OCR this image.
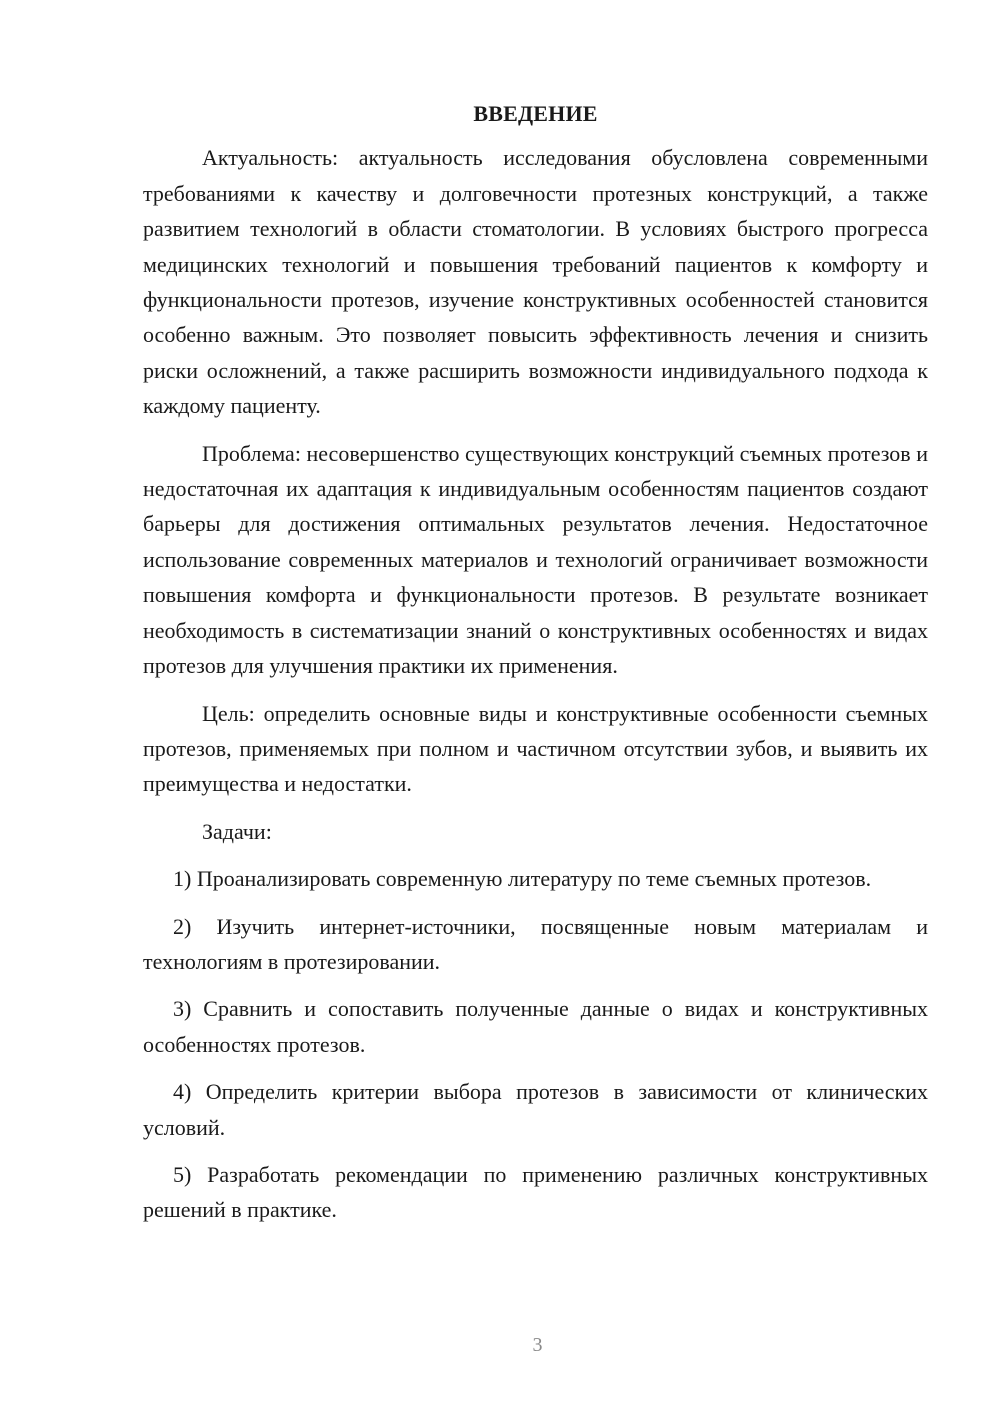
ВВЕДЕНИЕ

Актуальность: актуальность исследования обусловлена современными требованиями к качеству и долговечности протезных конструкций, а также развитием технологий в области стоматологии. В условиях быстрого прогресса медицинских технологий и повышения требований пациентов к комфорту и функциональности протезов, изучение конструктивных особенностей становится особенно важным. Это позволяет повысить эффективность лечения и снизить риски осложнений, а также расширить возможности индивидуального подхода к каждому пациенту.

Проблема: несовершенство существующих конструкций съемных протезов и недостаточная их адаптация к индивидуальным особенностям пациентов создают барьеры для достижения оптимальных результатов лечения. Недостаточное использование современных материалов и технологий ограничивает возможности повышения комфорта и функциональности протезов. В результате возникает необходимость в систематизации знаний о конструктивных особенностях и видах протезов для улучшения практики их применения.

Цель: определить основные виды и конструктивные особенности съемных протезов, применяемых при полном и частичном отсутствии зубов, и выявить их преимущества и недостатки.

Задачи:

1) Проанализировать современную литературу по теме съемных протезов.

2) Изучить интернет-источники, посвященные новым материалам и технологиям в протезировании.

3) Сравнить и сопоставить полученные данные о видах и конструктивных особенностях протезов.

4) Определить критерии выбора протезов в зависимости от клинических условий.

5) Разработать рекомендации по применению различных конструктивных решений в практике.

3
